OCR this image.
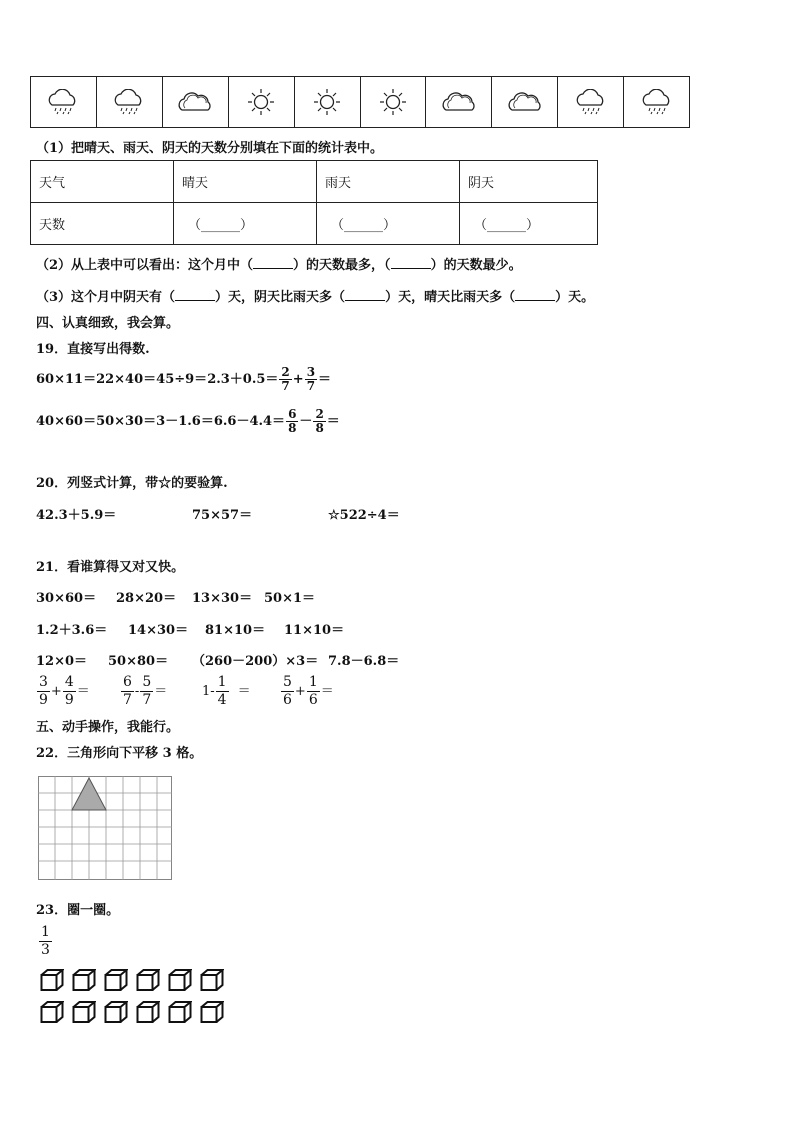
（1）把晴天、雨天、阴天的天数分别填在下面的统计表中。
天气	晴天	雨天	阴天
天数	（______）	（______）	（______）
（2）从上表中可以看出：这个月中（	）的天数最多，（	）的天数最少。
（3）这个月中阴天有（	）天，阴天比雨天多（	）天，晴天比雨天多（	）天。
四、认真细致，我会算。
19．直接写出得数.
$60\times 11=22\times 40=45\div 9=2.3+0.5= \frac{2}{7} + \frac{3}{7}$ ＝
$40\times 60=50\times 30=3-1.6=6.6-4.4= \frac{6}{8} - \frac{2}{8}$ ＝
20．列竖式计算，带☆的要验算.
42.3＋5.9＝	75×57＝	☆522÷4＝
21．看谁算得又对又快。
30×60＝ 28×20＝ 13×30＝ 50×1＝
1.2＋3.6＝ 14×30＝ 81×10＝ 11×10＝
12×0＝ 50×80＝ （260－200）×3＝ 7.8－6.8＝
$\frac{3}{9} + \frac{4}{9} = \frac{6}{7} - \frac{5}{7}$ ＝	$1- \frac{1}{4} = \frac{5}{6} + \frac{1}{6}$ ＝
五、动手操作，我能行。
22．三角形向下平移 3 格。
23．圈一圈。
$\frac{1}{3}$
